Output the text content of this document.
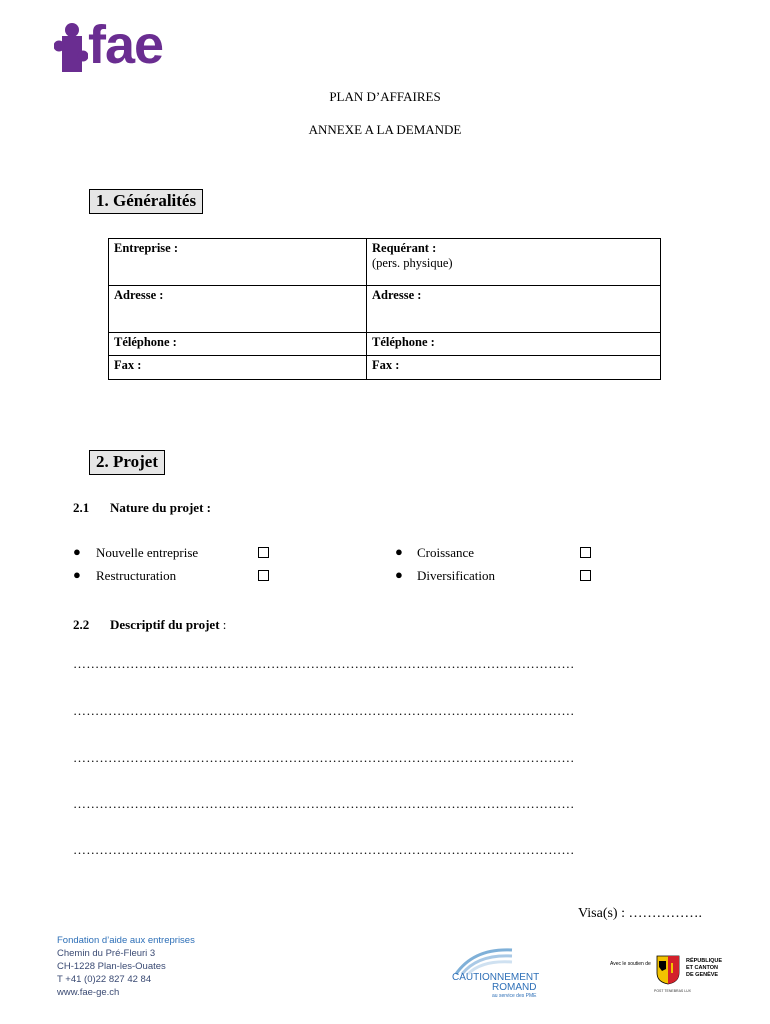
fae
PLAN D’AFFAIRES
ANNEXE A LA DEMANDE
1. Généralités
Entreprise :	Requérant :
(pers. physique)

Adresse :	Adresse :
Téléphone :	Téléphone :
Fax :	Fax :
2. Projet
2.1 Nature du projet :
● Nouvelle entreprise	● Croissance
● Restructuration	● Diversification
2.2 Descriptif du projet :
……………………………………………………………………………………………………
……………………………………………………………………………………………………
……………………………………………………………………………………………………
……………………………………………………………………………………………………
……………………………………………………………………………………………………
Visa(s) : …………….
Fondation d’aide aux entreprises
Chemin du Pré-Fleuri 3
CH-1228 Plan-les-Ouates
T +41 (0)22 827 42 84
www.fae-ge.ch
CAUTIONNEMENT
ROMAND
au service des PME
Avec le soutien de	RÉPUBLIQUE
ET CANTON
DE GENÈVE
POST TENEBRAS LUX
